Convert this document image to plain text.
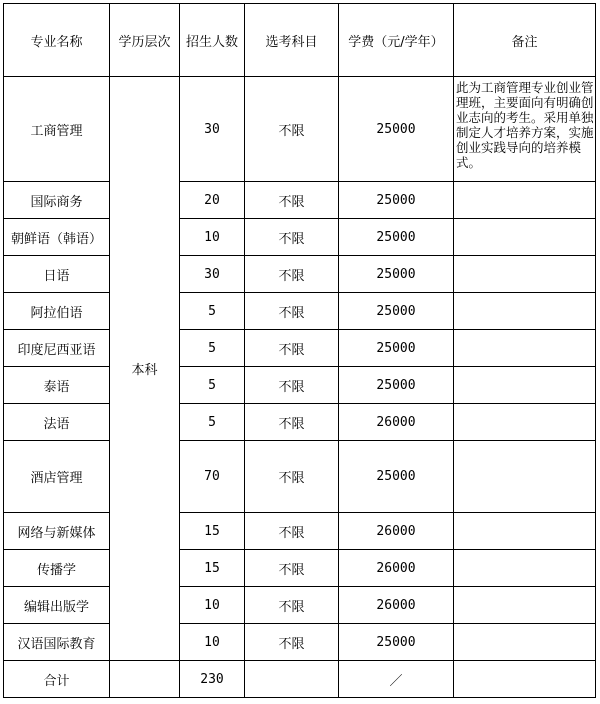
专业名称	学历层次	招生人数	选考科目	学费（元/学年）	备注
工商管理	本科	30	不限	25000	此为工商管理专业创业管理班，主要面向有明确创业志向的考生。采用单独制定人才培养方案，实施创业实践导向的培养模式。
国际商务		20	不限	25000	
朝鲜语（韩语）		10	不限	25000	
日语		30	不限	25000	
阿拉伯语		5	不限	25000	
印度尼西亚语		5	不限	25000	
泰语		5	不限	25000	
法语		5	不限	26000	
酒店管理		70	不限	25000	
网络与新媒体		15	不限	26000	
传播学		15	不限	26000	
编辑出版学		10	不限	26000	
汉语国际教育		10	不限	25000	
合计		230		／	
